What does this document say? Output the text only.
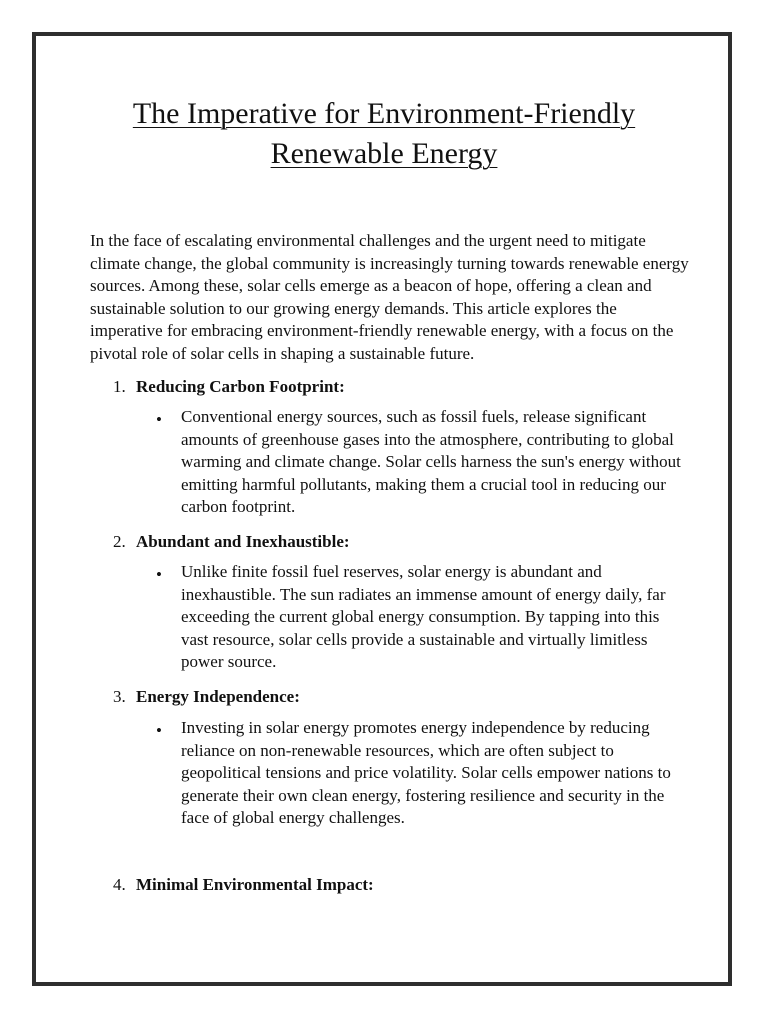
The Imperative for Environment-Friendly
Renewable Energy

In the face of escalating environmental challenges and the urgent need to mitigate climate change, the global community is increasingly turning towards renewable energy sources. Among these, solar cells emerge as a beacon of hope, offering a clean and sustainable solution to our growing energy demands. This article explores the imperative for embracing environment-friendly renewable energy, with a focus on the pivotal role of solar cells in shaping a sustainable future.

1. Reducing Carbon Footprint:
• Conventional energy sources, such as fossil fuels, release significant amounts of greenhouse gases into the atmosphere, contributing to global warming and climate change. Solar cells harness the sun's energy without emitting harmful pollutants, making them a crucial tool in reducing our carbon footprint.

2. Abundant and Inexhaustible:
• Unlike finite fossil fuel reserves, solar energy is abundant and inexhaustible. The sun radiates an immense amount of energy daily, far exceeding the current global energy consumption. By tapping into this vast resource, solar cells provide a sustainable and virtually limitless power source.

3. Energy Independence:
• Investing in solar energy promotes energy independence by reducing reliance on non-renewable resources, which are often subject to geopolitical tensions and price volatility. Solar cells empower nations to generate their own clean energy, fostering resilience and security in the face of global energy challenges.

4. Minimal Environmental Impact:
